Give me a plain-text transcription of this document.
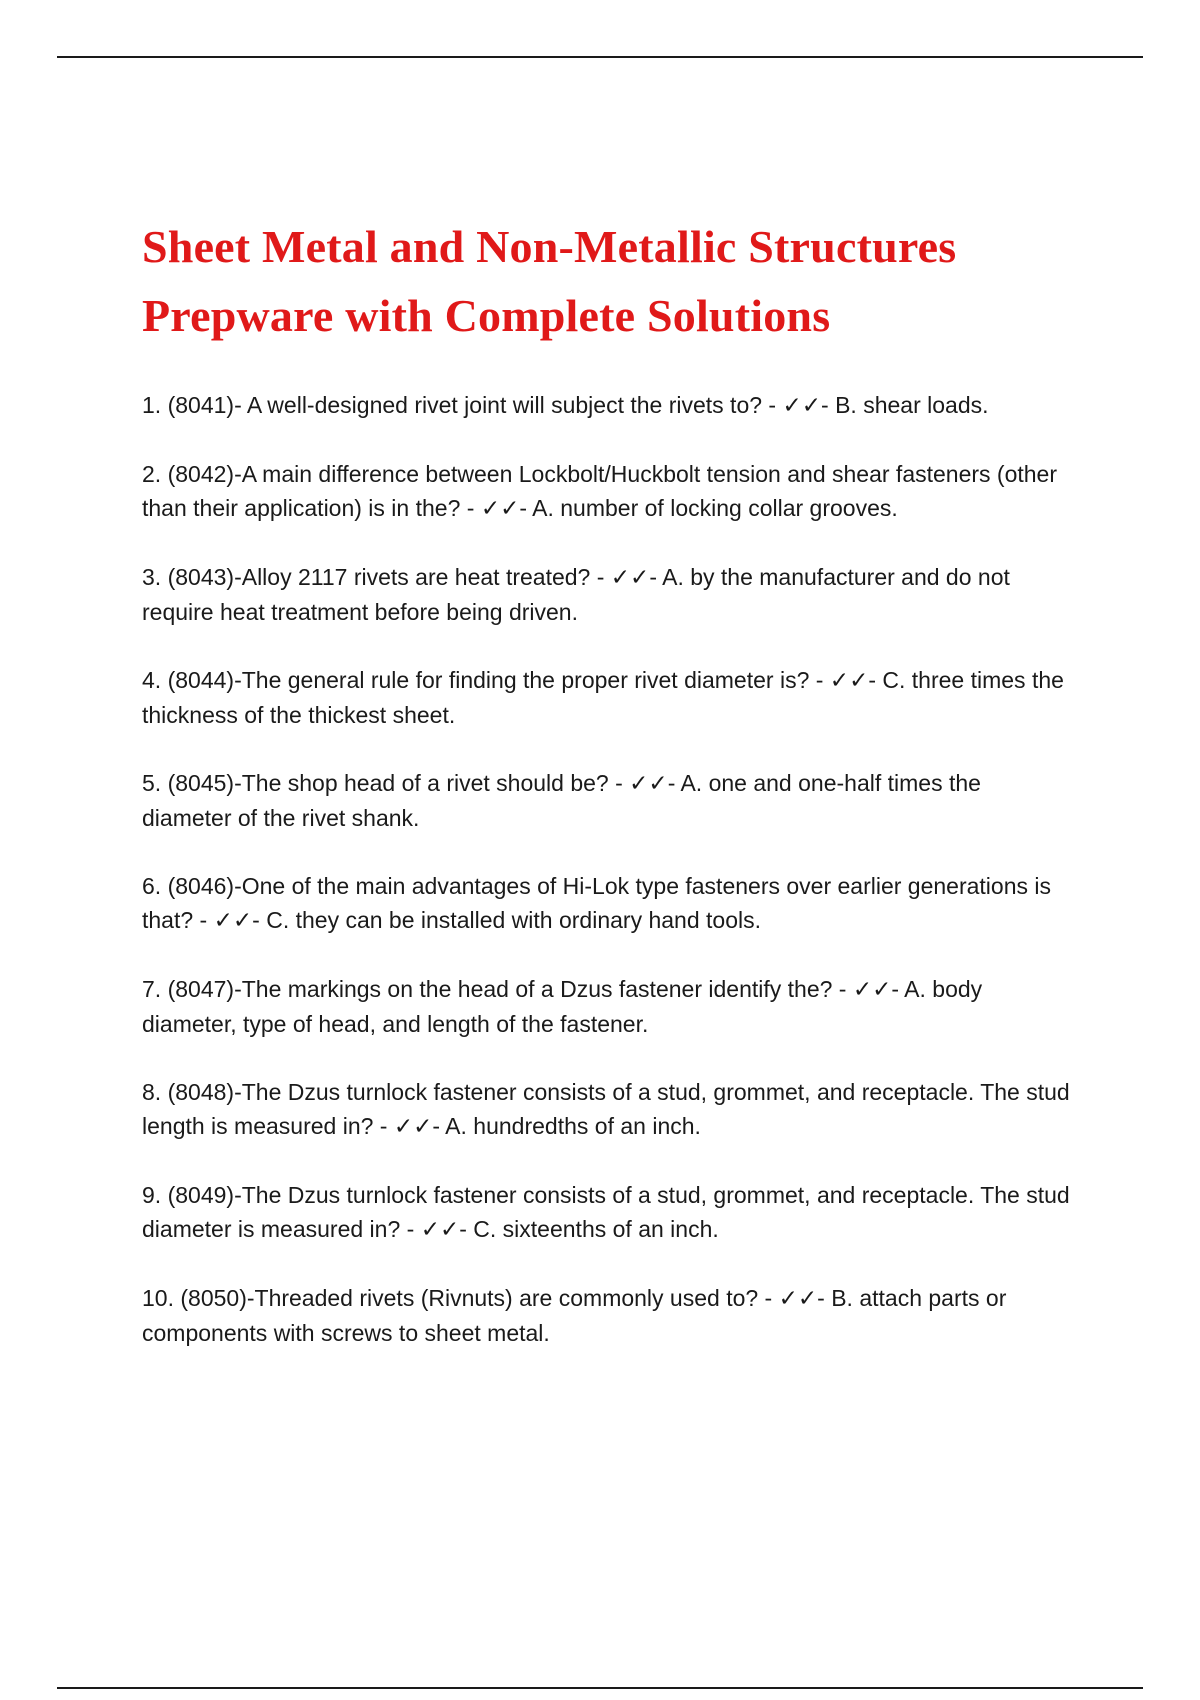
Sheet Metal and Non-Metallic Structures
Prepware with Complete Solutions
1. (8041)- A well-designed rivet joint will subject the rivets to? - ✓✓- B. shear loads.
2. (8042)-A main difference between Lockbolt/Huckbolt tension and shear fasteners (other than their application) is in the? - ✓✓- A. number of locking collar grooves.
3. (8043)-Alloy 2117 rivets are heat treated? - ✓✓- A. by the manufacturer and do not require heat treatment before being driven.
4. (8044)-The general rule for finding the proper rivet diameter is? - ✓✓- C. three times the thickness of the thickest sheet.
5. (8045)-The shop head of a rivet should be? - ✓✓- A. one and one-half times the diameter of the rivet shank.
6. (8046)-One of the main advantages of Hi-Lok type fasteners over earlier generations is that? - ✓✓- C. they can be installed with ordinary hand tools.
7. (8047)-The markings on the head of a Dzus fastener identify the? - ✓✓- A. body diameter, type of head, and length of the fastener.
8. (8048)-The Dzus turnlock fastener consists of a stud, grommet, and receptacle. The stud length is measured in? - ✓✓- A. hundredths of an inch.
9. (8049)-The Dzus turnlock fastener consists of a stud, grommet, and receptacle. The stud diameter is measured in? - ✓✓- C. sixteenths of an inch.
10. (8050)-Threaded rivets (Rivnuts) are commonly used to? - ✓✓- B. attach parts or components with screws to sheet metal.
